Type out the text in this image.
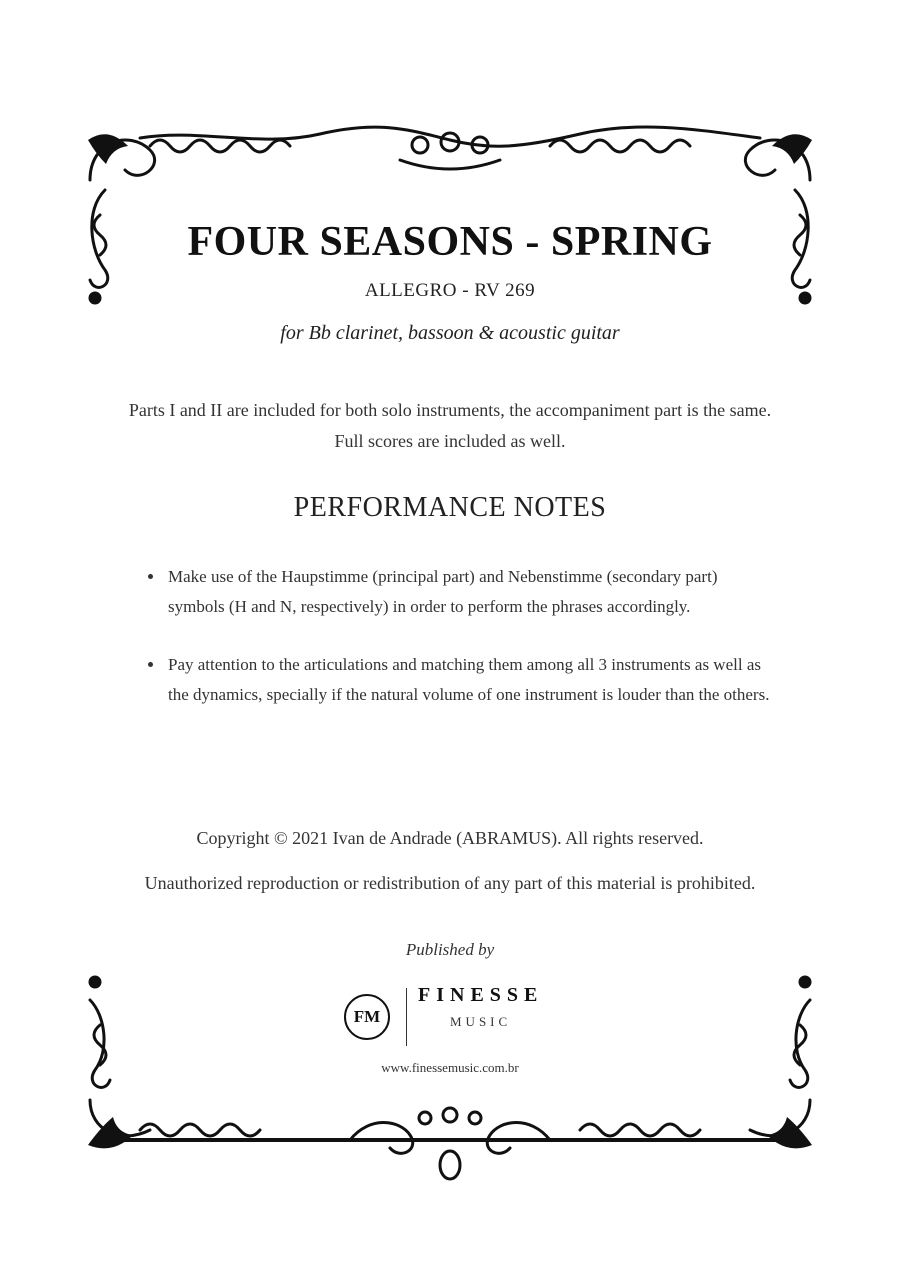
FOUR SEASONS - SPRING
ALLEGRO - RV 269
for Bb clarinet, bassoon & acoustic guitar
Parts I and II are included for both solo instruments, the accompaniment part is the same. Full scores are included as well.
PERFORMANCE NOTES
Make use of the Haupstimme (principal part) and Nebenstimme (secondary part) symbols (H and N, respectively) in order to perform the phrases accordingly.
Pay attention to the articulations and matching them among all 3 instruments as well as the dynamics, specially if the natural volume of one instrument is louder than the others.
Copyright © 2021 Ivan de Andrade (ABRAMUS). All rights reserved.
Unauthorized reproduction or redistribution of any part of this material is prohibited.
Published by
FM
FINESSE
MUSIC
www.finessemusic.com.br
